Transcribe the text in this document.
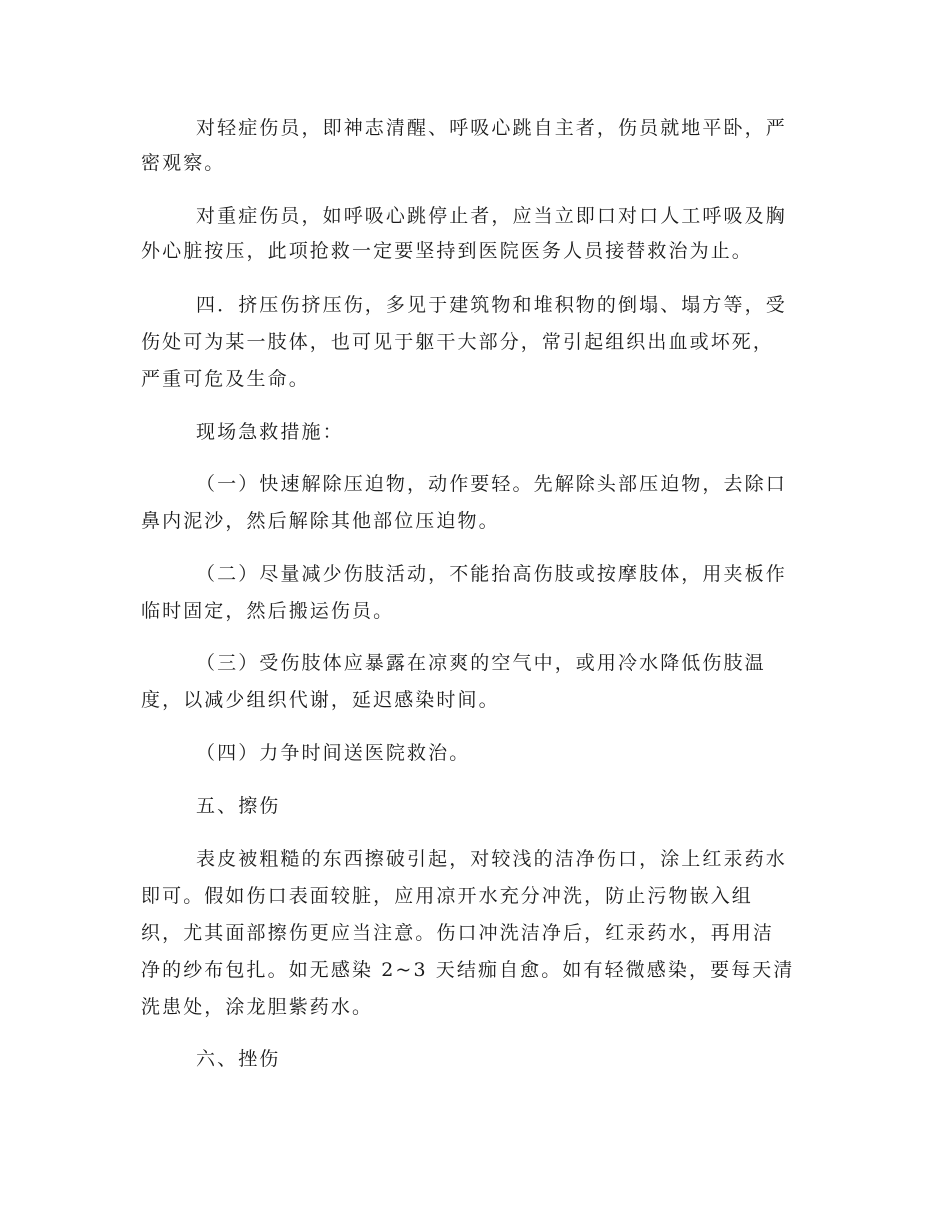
对轻症伤员，即神志清醒、呼吸心跳自主者，伤员就地平卧，严
密观察。
对重症伤员，如呼吸心跳停止者，应当立即口对口人工呼吸及胸
外心脏按压，此项抢救一定要坚持到医院医务人员接替救治为止。
四．挤压伤挤压伤，多见于建筑物和堆积物的倒塌、塌方等，受
伤处可为某一肢体，也可见于躯干大部分，常引起组织出血或坏死，
严重可危及生命。
现场急救措施：
（一）快速解除压迫物，动作要轻。先解除头部压迫物，去除口
鼻内泥沙，然后解除其他部位压迫物。
（二）尽量减少伤肢活动，不能抬高伤肢或按摩肢体，用夹板作
临时固定，然后搬运伤员。
（三）受伤肢体应暴露在凉爽的空气中，或用冷水降低伤肢温
度，以减少组织代谢，延迟感染时间。
（四）力争时间送医院救治。
五、擦伤
表皮被粗糙的东西擦破引起，对较浅的洁净伤口，涂上红汞药水
即可。假如伤口表面较脏，应用凉开水充分冲洗，防止污物嵌入组
织，尤其面部擦伤更应当注意。伤口冲洗洁净后，红汞药水，再用洁
净的纱布包扎。如无感染 2~3 天结痂自愈。如有轻微感染，要每天清
洗患处，涂龙胆紫药水。
六、挫伤
